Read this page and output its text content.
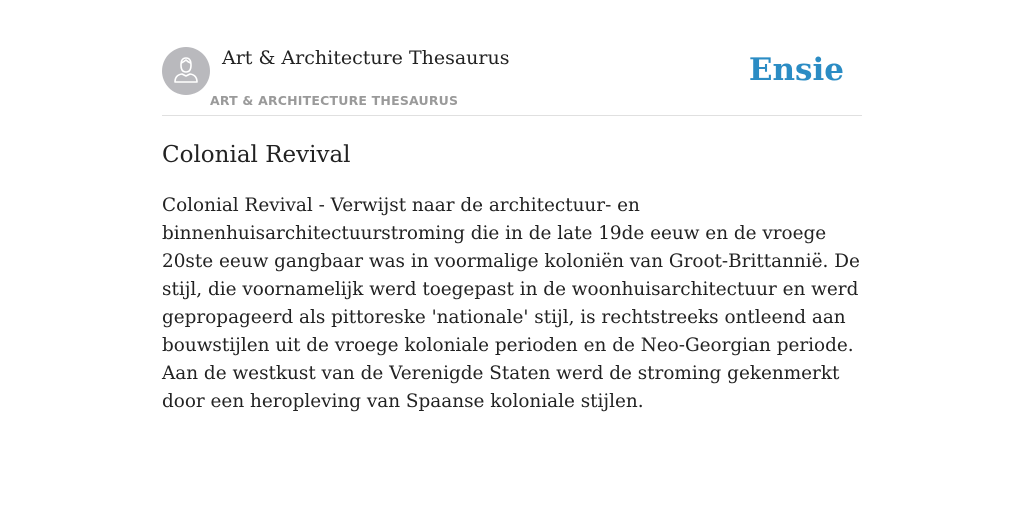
Art & Architecture Thesaurus
ART & ARCHITECTURE THESAURUS
Ensie
Colonial Revival

Colonial Revival - Verwijst naar de architectuur- en binnenhuisarchitectuurstroming die in de late 19de eeuw en de vroege 20ste eeuw gangbaar was in voormalige koloniën van Groot-Brittannië. De stijl, die voornamelijk werd toegepast in de woonhuisarchitectuur en werd gepropageerd als pittoreske 'nationale' stijl, is rechtstreeks ontleend aan bouwstijlen uit de vroege koloniale perioden en de Neo-Georgian periode. Aan de westkust van de Verenigde Staten werd de stroming gekenmerkt door een heropleving van Spaanse koloniale stijlen.
